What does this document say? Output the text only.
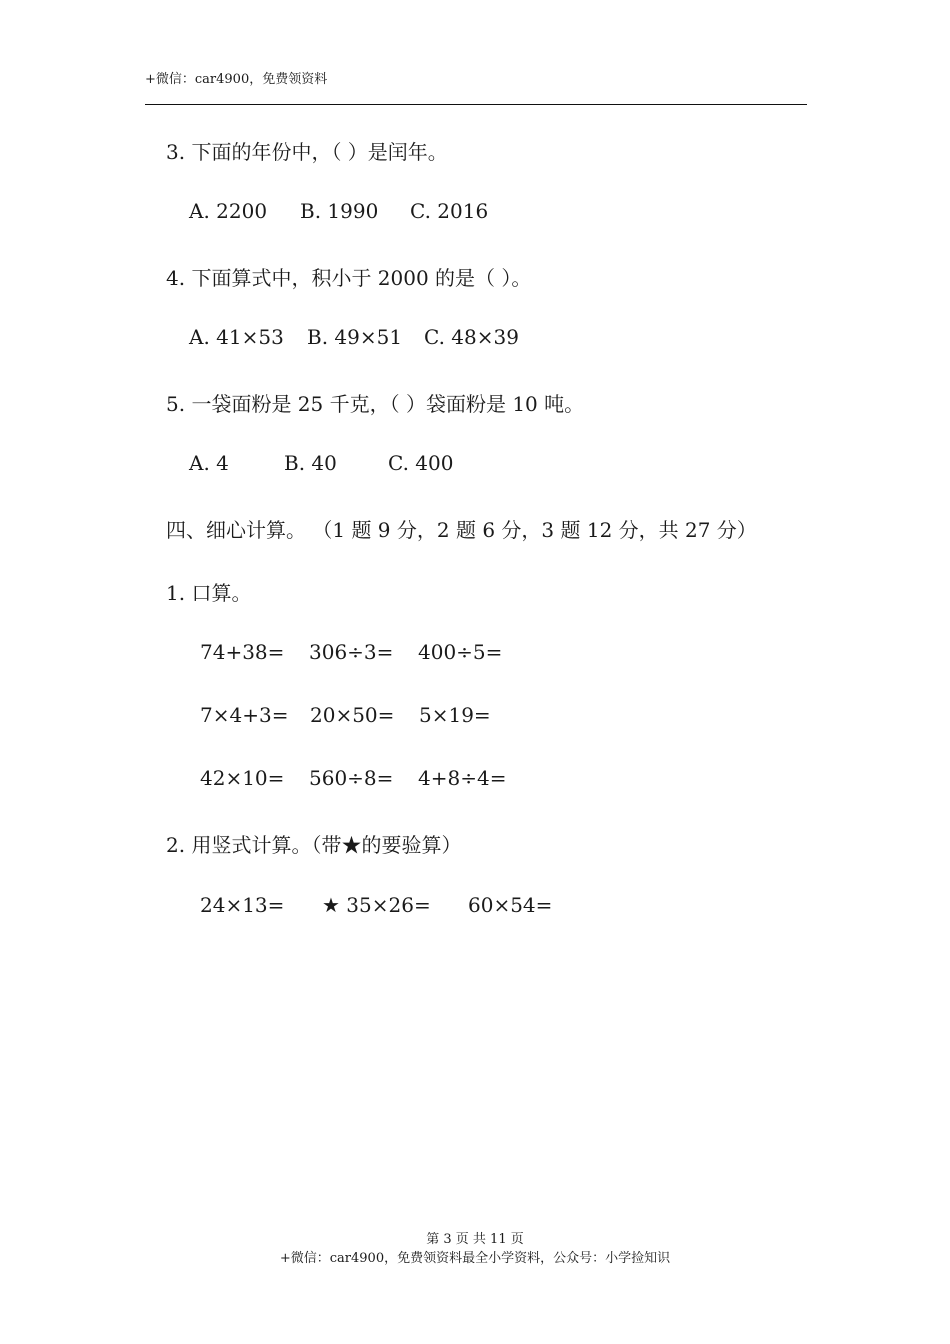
+微信：car4900，免费领资料
3. 下面的年份中，（ ）是闰年。
A. 2200 B. 1990 C. 2016
4. 下面算式中，积小于 2000 的是（ ）。
A. 41×53 B. 49×51 C. 48×39
5. 一袋面粉是 25 千克，（ ）袋面粉是 10 吨。
A. 4	B. 40	C. 400
四、细心计算。 （1 题 9 分，2 题 6 分，3 题 12 分，共 27 分）
1. 口算。
74+38= 306÷3= 400÷5=
7×4+3= 20×50= 5×19=
42×10= 560÷8= 4+8÷4=
2. 用竖式计算。（带★的要验算）
24×13= ★ 35×26= 60×54=
第 3 页 共 11 页
+微信：car4900，免费领资料最全小学资料，公众号：小学捡知识
